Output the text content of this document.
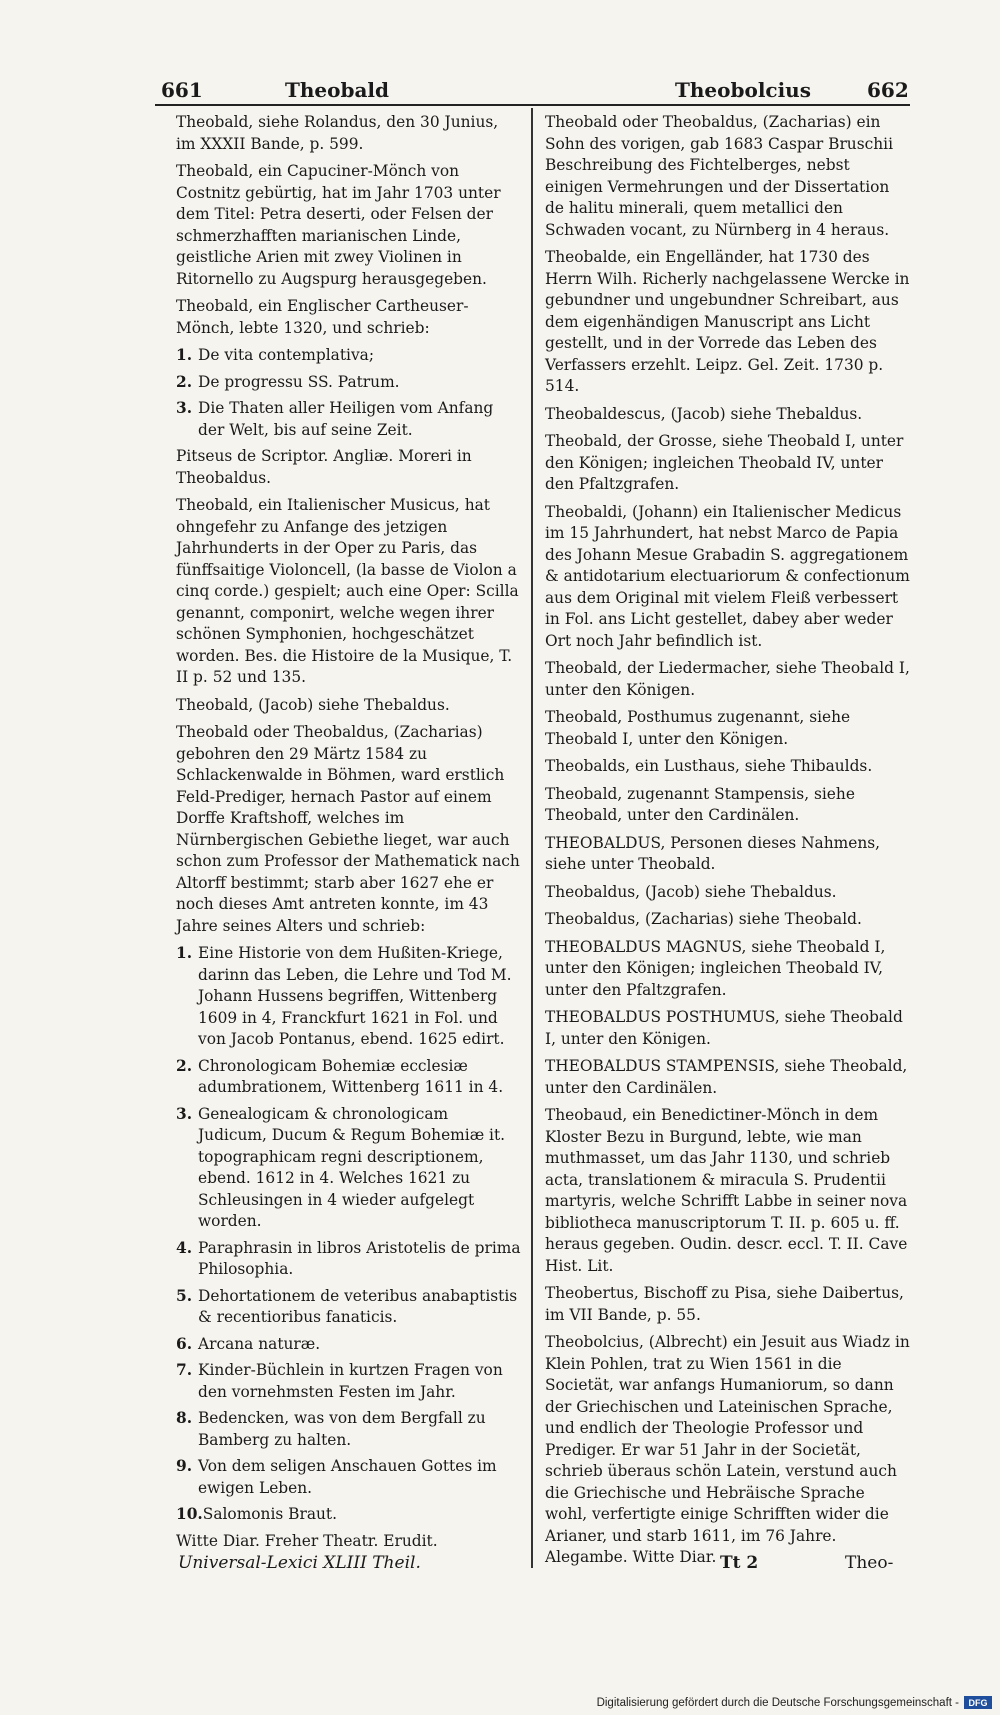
661	Theobald	Theobolcius	662

Theobald, siehe Rolandus, den 30 Junius, im XXXII Bande, p. 599.

Theobald, ein Capuciner-Mönch von Costnitz gebürtig, hat im Jahr 1703 unter dem Titel: Petra deserti, oder Felsen der schmerzhafften marianischen Linde, geistliche Arien mit zwey Violinen in Ritornello zu Augspurg herausgegeben.

Theobald, ein Englischer Cartheuser-Mönch, lebte 1320, und schrieb:

1. De vita contemplativa;
2. De progressu SS. Patrum.
3. Die Thaten aller Heiligen vom Anfang der Welt, bis auf seine Zeit.

Pitseus de Scriptor. Angliæ. Moreri in Theobaldus.

Theobald, ein Italienischer Musicus, hat ohngefehr zu Anfange des jetzigen Jahrhunderts in der Oper zu Paris, das fünffsaitige Violoncell, (la basse de Violon a cinq corde.) gespielt; auch eine Oper: Scilla genannt, componirt, welche wegen ihrer schönen Symphonien, hochgeschätzet worden. Bes. die Histoire de la Musique, T. II p. 52 und 135.

Theobald, (Jacob) siehe Thebaldus.

Theobald oder Theobaldus, (Zacharias) gebohren den 29 Märtz 1584 zu Schlackenwalde in Böhmen, ward erstlich Feld-Prediger, hernach Pastor auf einem Dorffe Kraftshoff, welches im Nürnbergischen Gebiethe lieget, war auch schon zum Professor der Mathematick nach Altorff bestimmt; starb aber 1627 ehe er noch dieses Amt antreten konnte, im 43 Jahre seines Alters und schrieb:

1. Eine Historie von dem Hußiten-Kriege, darinn das Leben, die Lehre und Tod M. Johann Hussens begriffen, Wittenberg 1609 in 4, Franckfurt 1621 in Fol. und von Jacob Pontanus, ebend. 1625 edirt.
2. Chronologicam Bohemiæ ecclesiæ adumbrationem, Wittenberg 1611 in 4.
3. Genealogicam & chronologicam Judicum, Ducum & Regum Bohemiæ it. topographicam regni descriptionem, ebend. 1612 in 4. Welches 1621 zu Schleusingen in 4 wieder aufgelegt worden.
4. Paraphrasin in libros Aristotelis de prima Philosophia.
5. Dehortationem de veteribus anabaptistis & recentioribus fanaticis.
6. Arcana naturæ.
7. Kinder-Büchlein in kurtzen Fragen von den vornehmsten Festen im Jahr.
8. Bedencken, was von dem Bergfall zu Bamberg zu halten.
9. Von dem seligen Anschauen Gottes im ewigen Leben.
10. Salomonis Braut.

Witte Diar. Freher Theatr. Erudit.

Theobald oder Theobaldus, (Zacharias) ein Sohn des vorigen, gab 1683 Caspar Bruschii Beschreibung des Fichtelberges, nebst einigen Vermehrungen und der Dissertation de halitu minerali, quem metallici den Schwaden vocant, zu Nürnberg in 4 heraus.

Theobalde, ein Engelländer, hat 1730 des Herrn Wilh. Richerly nachgelassene Wercke in gebundner und ungebundner Schreibart, aus dem eigenhändigen Manuscript ans Licht gestellt, und in der Vorrede das Leben des Verfassers erzehlt. Leipz. Gel. Zeit. 1730 p. 514.

Theobaldescus, (Jacob) siehe Thebaldus.

Theobald, der Grosse, siehe Theobald I, unter den Königen; ingleichen Theobald IV, unter den Pfaltzgrafen.

Theobaldi, (Johann) ein Italienischer Medicus im 15 Jahrhundert, hat nebst Marco de Papia des Johann Mesue Grabadin S. aggregationem & antidotarium electuariorum & confectionum aus dem Original mit vielem Fleiß verbessert in Fol. ans Licht gestellet, dabey aber weder Ort noch Jahr befindlich ist.

Theobald, der Liedermacher, siehe Theobald I, unter den Königen.

Theobald, Posthumus zugenannt, siehe Theobald I, unter den Königen.

Theobalds, ein Lusthaus, siehe Thibaulds.

Theobald, zugenannt Stampensis, siehe Theobald, unter den Cardinälen.

THEOBALDUS, Personen dieses Nahmens, siehe unter Theobald.

Theobaldus, (Jacob) siehe Thebaldus.

Theobaldus, (Zacharias) siehe Theobald.

THEOBALDUS MAGNUS, siehe Theobald I, unter den Königen; ingleichen Theobald IV, unter den Pfaltzgrafen.

THEOBALDUS POSTHUMUS, siehe Theobald I, unter den Königen.

THEOBALDUS STAMPENSIS, siehe Theobald, unter den Cardinälen.

Theobaud, ein Benedictiner-Mönch in dem Kloster Bezu in Burgund, lebte, wie man muthmasset, um das Jahr 1130, und schrieb acta, translationem & miracula S. Prudentii martyris, welche Schrifft Labbe in seiner nova bibliotheca manuscriptorum T. II. p. 605 u. ff. heraus gegeben. Oudin. descr. eccl. T. II. Cave Hist. Lit.

Theobertus, Bischoff zu Pisa, siehe Daibertus, im VII Bande, p. 55.

Theobolcius, (Albrecht) ein Jesuit aus Wiadz in Klein Pohlen, trat zu Wien 1561 in die Societät, war anfangs Humaniorum, so dann der Griechischen und Lateinischen Sprache, und endlich der Theologie Professor und Prediger. Er war 51 Jahr in der Societät, schrieb überaus schön Latein, verstund auch die Griechische und Hebräische Sprache wohl, verfertigte einige Schrifften wider die Arianer, und starb 1611, im 76 Jahre. Alegambe. Witte Diar.

Universal-Lexici XLIII Theil.	Tt 2	Theo-
Digitalisierung gefördert durch die Deutsche Forschungsgemeinschaft -	DFG
